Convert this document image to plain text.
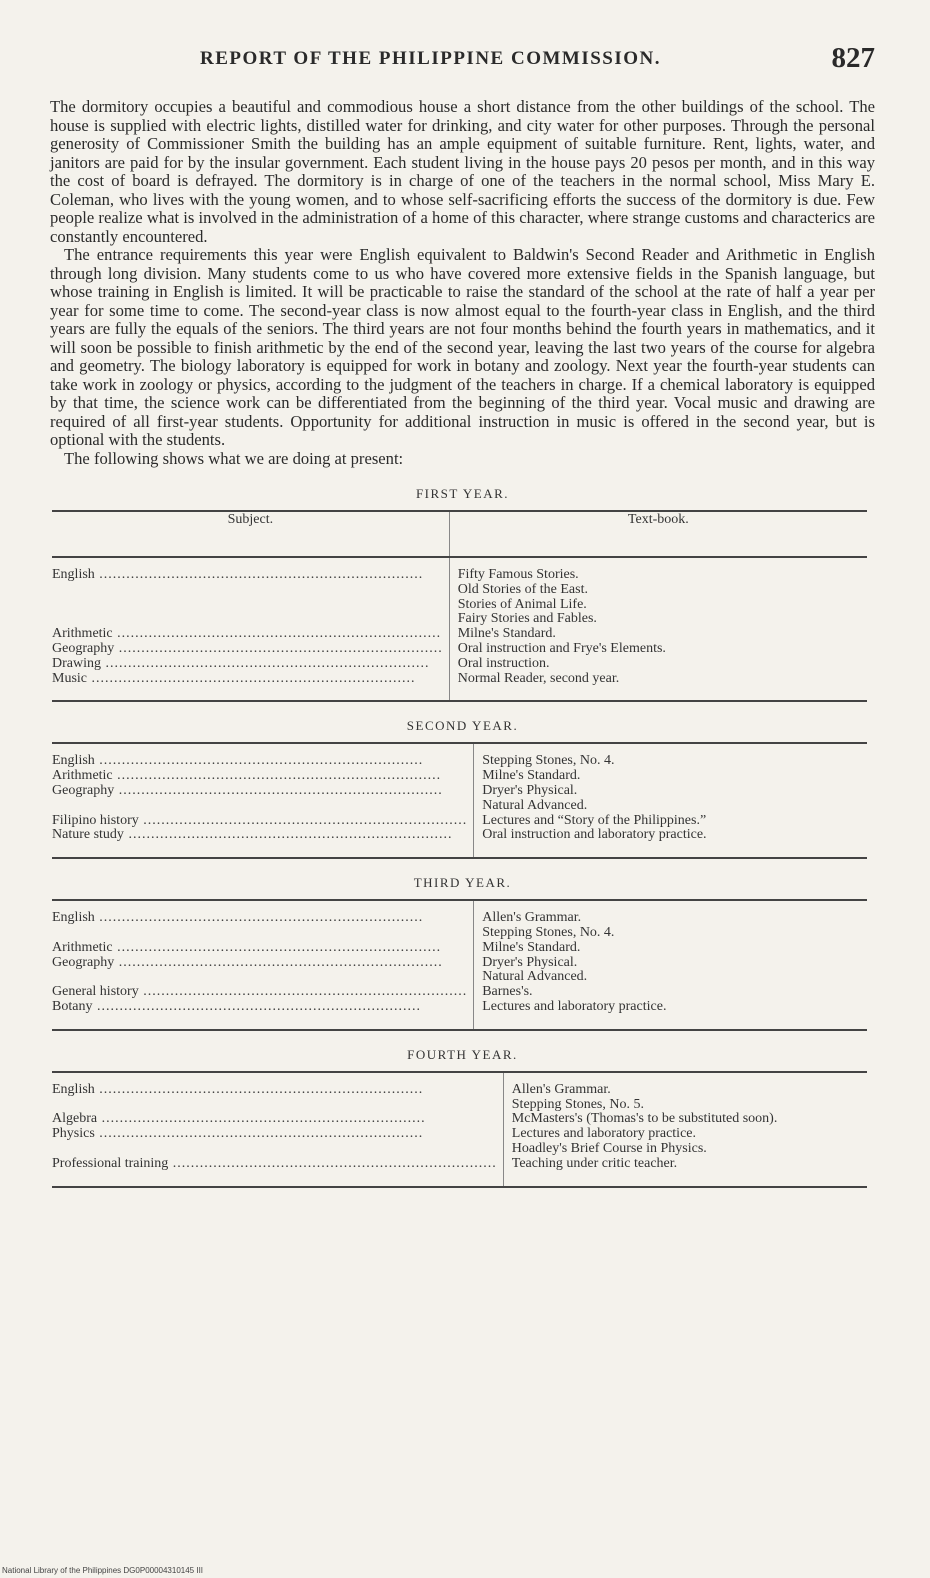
REPORT OF THE PHILIPPINE COMMISSION.	827

The dormitory occupies a beautiful and commodious house a short distance from the other buildings of the school. The house is supplied with electric lights, distilled water for drinking, and city water for other purposes. Through the personal generosity of Commissioner Smith the building has an ample equipment of suitable furniture. Rent, lights, water, and janitors are paid for by the insular government. Each student living in the house pays 20 pesos per month, and in this way the cost of board is defrayed. The dormitory is in charge of one of the teachers in the normal school, Miss Mary E. Coleman, who lives with the young women, and to whose self-sacrificing efforts the success of the dormitory is due. Few people realize what is involved in the administration of a home of this character, where strange customs and characterics are constantly encountered.

The entrance requirements this year were English equivalent to Baldwin's Second Reader and Arithmetic in English through long division. Many students come to us who have covered more extensive fields in the Spanish language, but whose training in English is limited. It will be practicable to raise the standard of the school at the rate of half a year per year for some time to come. The second-year class is now almost equal to the fourth-year class in English, and the third years are fully the equals of the seniors. The third years are not four months behind the fourth years in mathematics, and it will soon be possible to finish arithmetic by the end of the second year, leaving the last two years of the course for algebra and geometry. The biology laboratory is equipped for work in botany and zoology. Next year the fourth-year students can take work in zoology or physics, according to the judgment of the teachers in charge. If a chemical laboratory is equipped by that time, the science work can be differentiated from the beginning of the third year. Vocal music and drawing are required of all first-year students. Opportunity for additional instruction in music is offered in the second year, but is optional with the students.

The following shows what we are doing at present:

FIRST YEAR.
Subject.	Text-book.

English .....	Fifty Famous Stories.
Old Stories of the East.
Stories of Animal Life.
Fairy Stories and Fables.

Arithmetic .....	Milne's Standard.

Geography .....	Oral instruction and Frye's Elements.

Drawing .....	Oral instruction.

Music .....	Normal Reader, second year.

SECOND YEAR.

English .....	Stepping Stones, No. 4.

Arithmetic .....	Milne's Standard.

Geography .....	Dryer's Physical.
Natural Advanced.

Filipino history .....	Lectures and “Story of the Philippines.”

Nature study .....	Oral instruction and laboratory practice.

THIRD YEAR.

English .....	Allen's Grammar.
Stepping Stones, No. 4.

Arithmetic .....	Milne's Standard.

Geography .....	Dryer's Physical.
Natural Advanced.

General history .....	Barnes's.

Botany .....	Lectures and laboratory practice.

FOURTH YEAR.

English .....	Allen's Grammar.
Stepping Stones, No. 5.

Algebra .....	McMasters's (Thomas's to be substituted soon).

Physics .....	Lectures and laboratory practice.
Hoadley's Brief Course in Physics.

Professional training .....	Teaching under critic teacher.

National Library of the Philippines DG0P00004310145 III
